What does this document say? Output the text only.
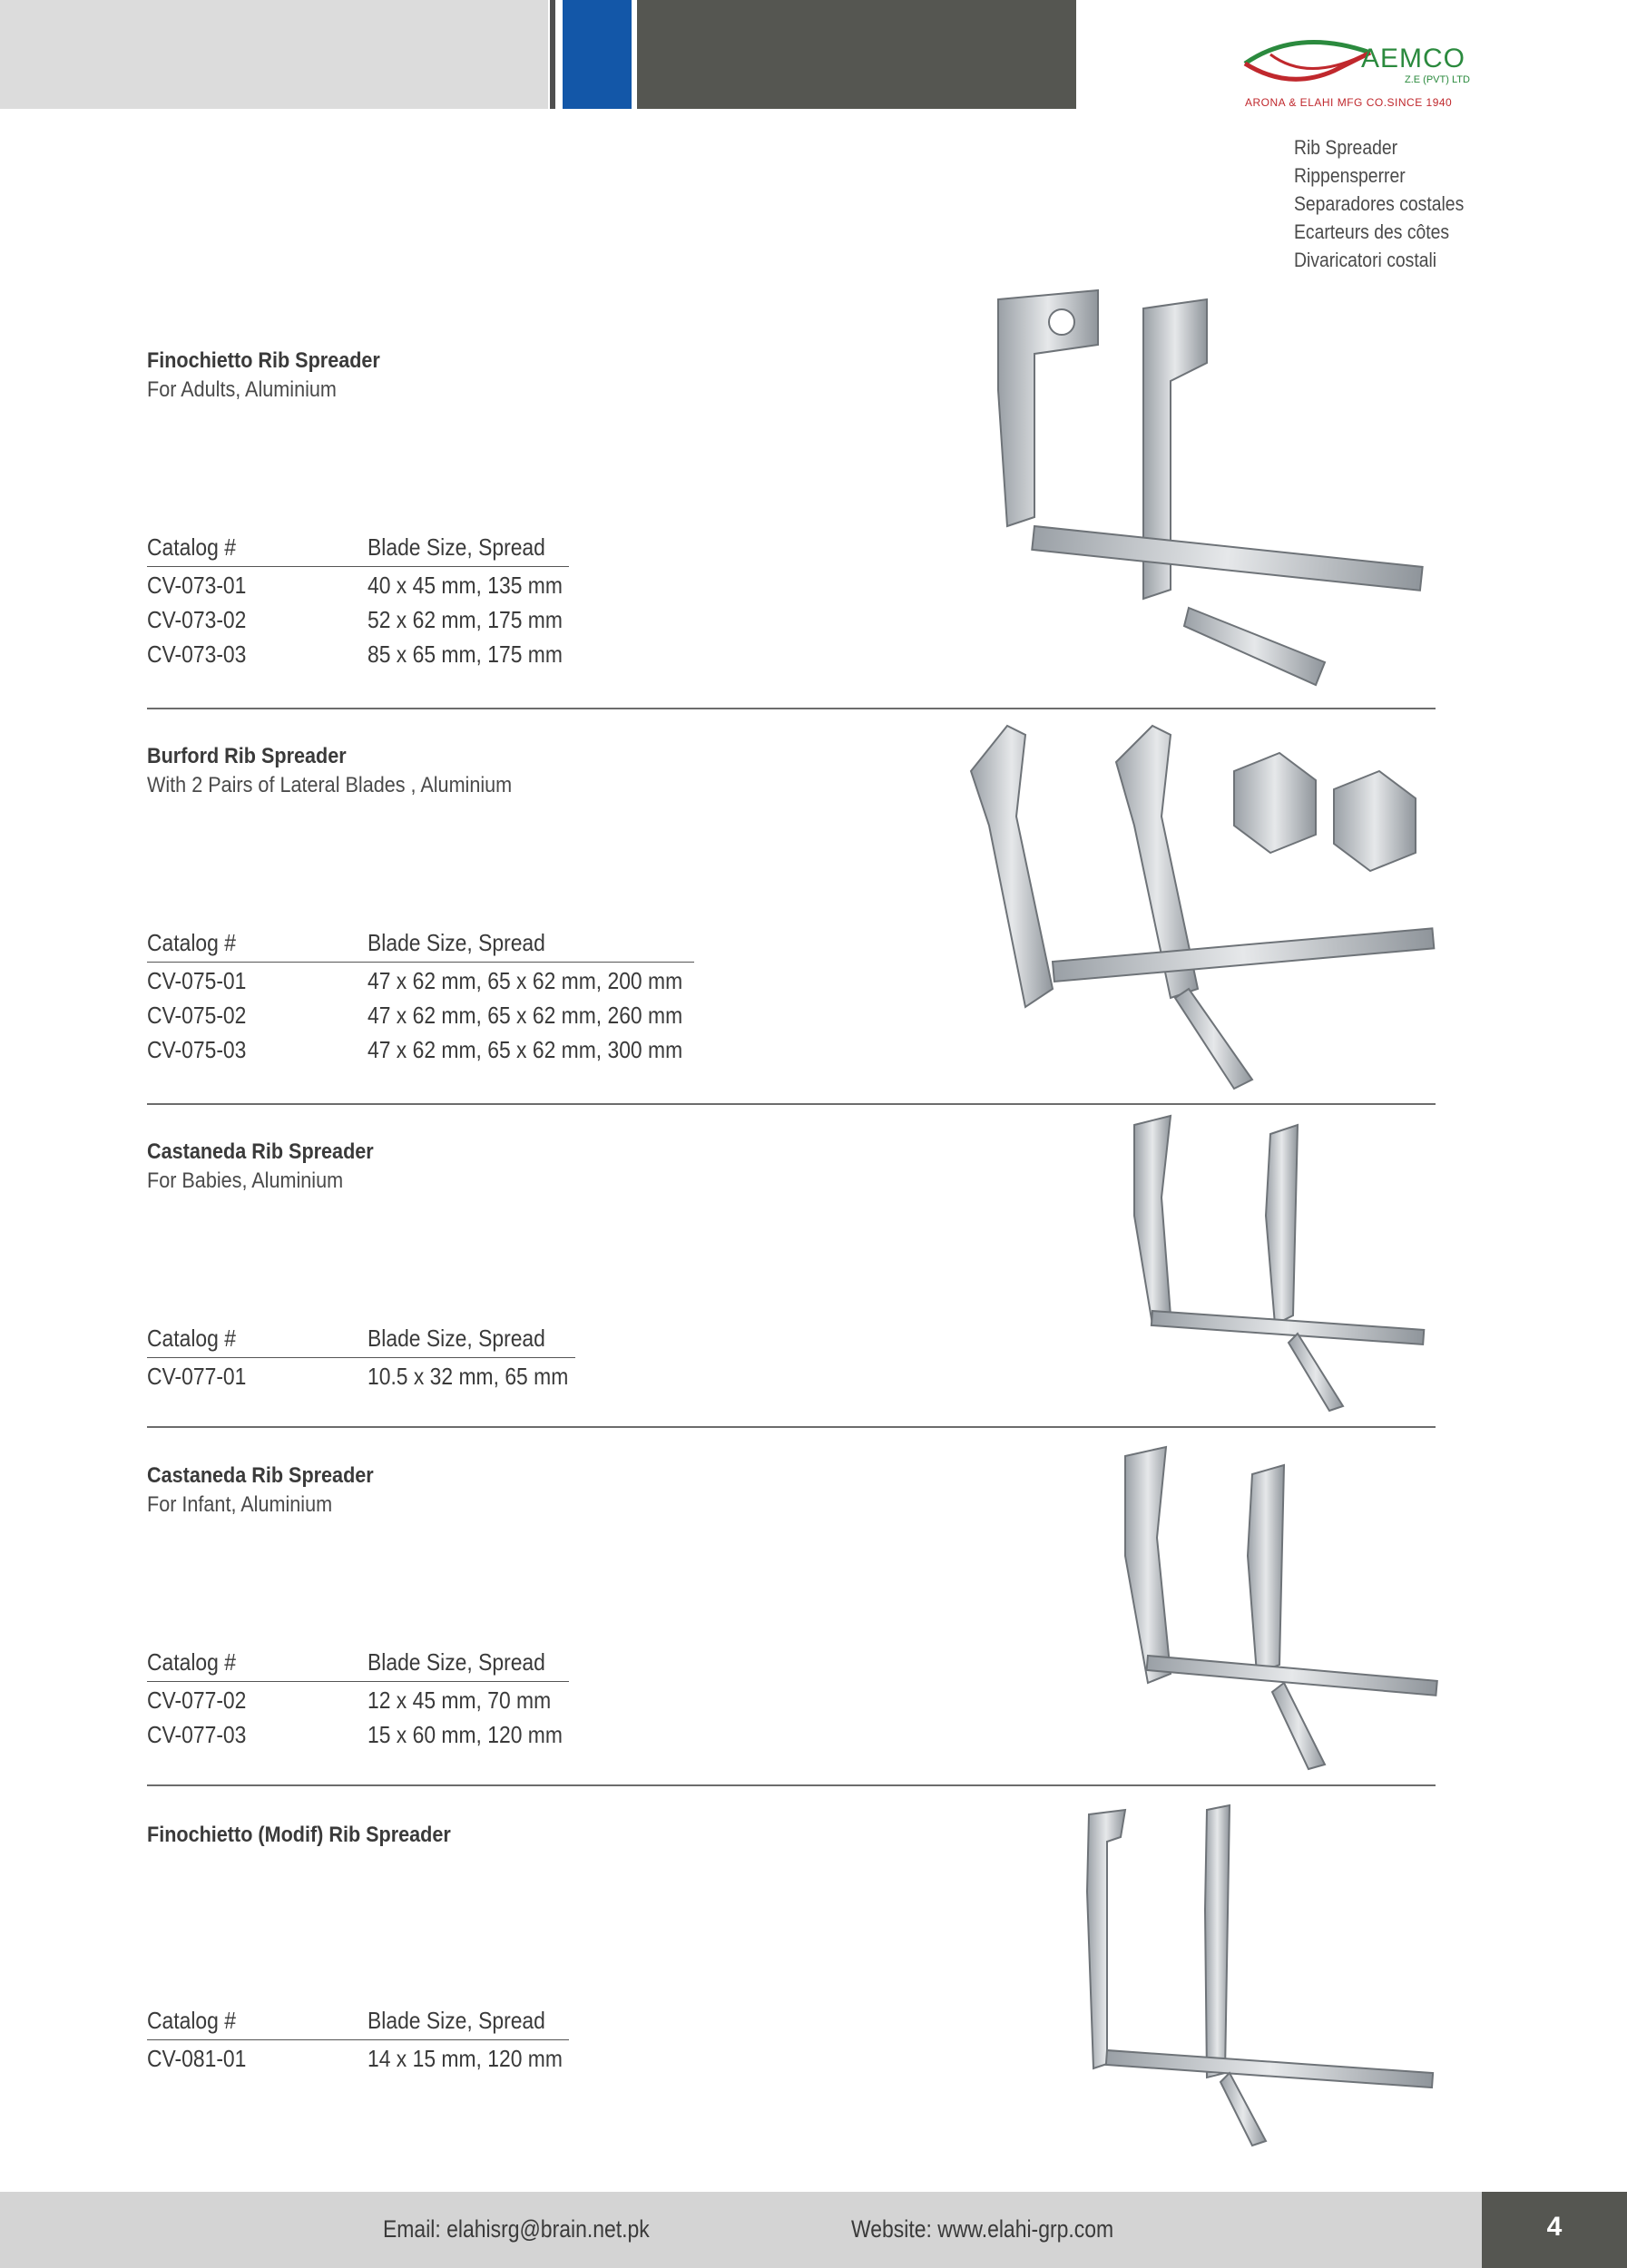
AEMCO
Z.E (PVT) LTD
ARONA & ELAHI MFG CO.SINCE 1940
Rib Spreader
Rippensperrer
Separadores costales
Ecarteurs des côtes
Divaricatori costali
Finochietto Rib Spreader
For Adults, Aluminium
Catalog #	Blade Size, Spread
CV-073-01	40 x 45 mm, 135 mm
CV-073-02	52 x 62 mm, 175 mm
CV-073-03	85 x 65 mm, 175 mm
Burford Rib Spreader
With 2 Pairs of Lateral Blades , Aluminium
Catalog #	Blade Size, Spread
CV-075-01	47 x 62 mm, 65 x 62 mm, 200 mm
CV-075-02	47 x 62 mm, 65 x 62 mm, 260 mm
CV-075-03	47 x 62 mm, 65 x 62 mm, 300 mm
Castaneda Rib Spreader
For Babies, Aluminium
Catalog #	Blade Size, Spread
CV-077-01	10.5 x 32 mm, 65 mm
Castaneda Rib Spreader
For Infant, Aluminium
Catalog #	Blade Size, Spread
CV-077-02	12 x 45 mm, 70 mm
CV-077-03	15 x 60 mm, 120 mm
Finochietto (Modif) Rib Spreader
Catalog #	Blade Size, Spread
CV-081-01	14 x 15 mm, 120 mm
Email: elahisrg@brain.net.pk	Website: www.elahi-grp.com	4
